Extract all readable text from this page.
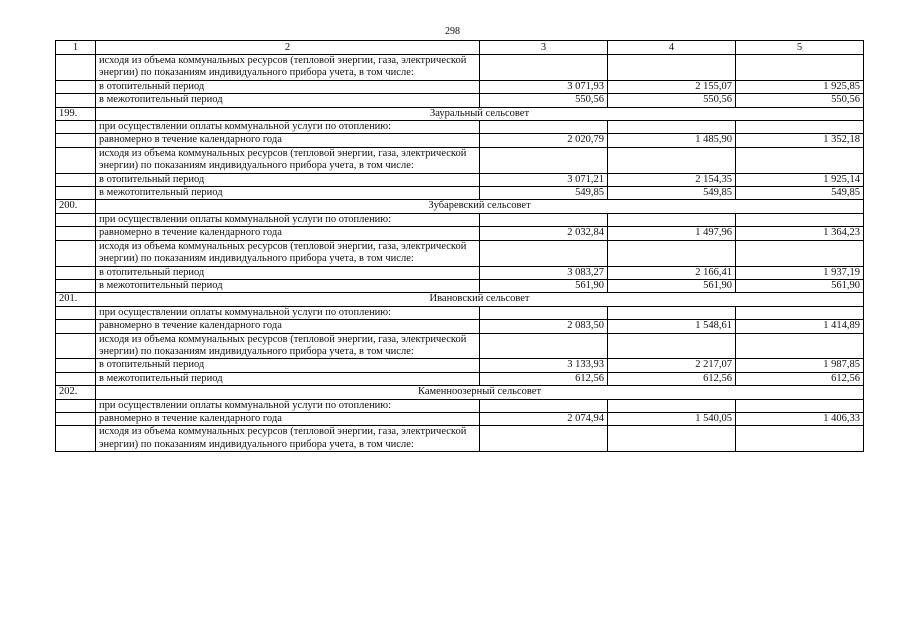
298
1	2	3	4	5
	исходя из объема коммунальных ресурсов (тепловой энергии, газа, электрической энергии) по показаниям индивидуального прибора учета, в том числе:			
	в отопительный период	3 071,93	2 155,07	1 925,85
	в межотопительный период	550,56	550,56	550,56
199.	Зауральный сельсовет			
	при осуществлении оплаты коммунальной услуги по отоплению:			
	равномерно в течение календарного года	2 020,79	1 485,90	1 352,18
	исходя из объема коммунальных ресурсов (тепловой энергии, газа, электрической энергии) по показаниям индивидуального прибора учета, в том числе:			
	в отопительный период	3 071,21	2 154,35	1 925,14
	в межотопительный период	549,85	549,85	549,85
200.	Зубаревский сельсовет			
	при осуществлении оплаты коммунальной услуги по отоплению:			
	равномерно в течение календарного года	2 032,84	1 497,96	1 364,23
	исходя из объема коммунальных ресурсов (тепловой энергии, газа, электрической энергии) по показаниям индивидуального прибора учета, в том числе:			
	в отопительный период	3 083,27	2 166,41	1 937,19
	в межотопительный период	561,90	561,90	561,90
201.	Ивановский сельсовет			
	при осуществлении оплаты коммунальной услуги по отоплению:			
	равномерно в течение календарного года	2 083,50	1 548,61	1 414,89
	исходя из объема коммунальных ресурсов (тепловой энергии, газа, электрической энергии) по показаниям индивидуального прибора учета, в том числе:			
	в отопительный период	3 133,93	2 217,07	1 987,85
	в межотопительный период	612,56	612,56	612,56
202.	Каменноозерный сельсовет			
	при осуществлении оплаты коммунальной услуги по отоплению:			
	равномерно в течение календарного года	2 074,94	1 540,05	1 406,33
	исходя из объема коммунальных ресурсов (тепловой энергии, газа, электрической энергии) по показаниям индивидуального прибора учета, в том числе:			
